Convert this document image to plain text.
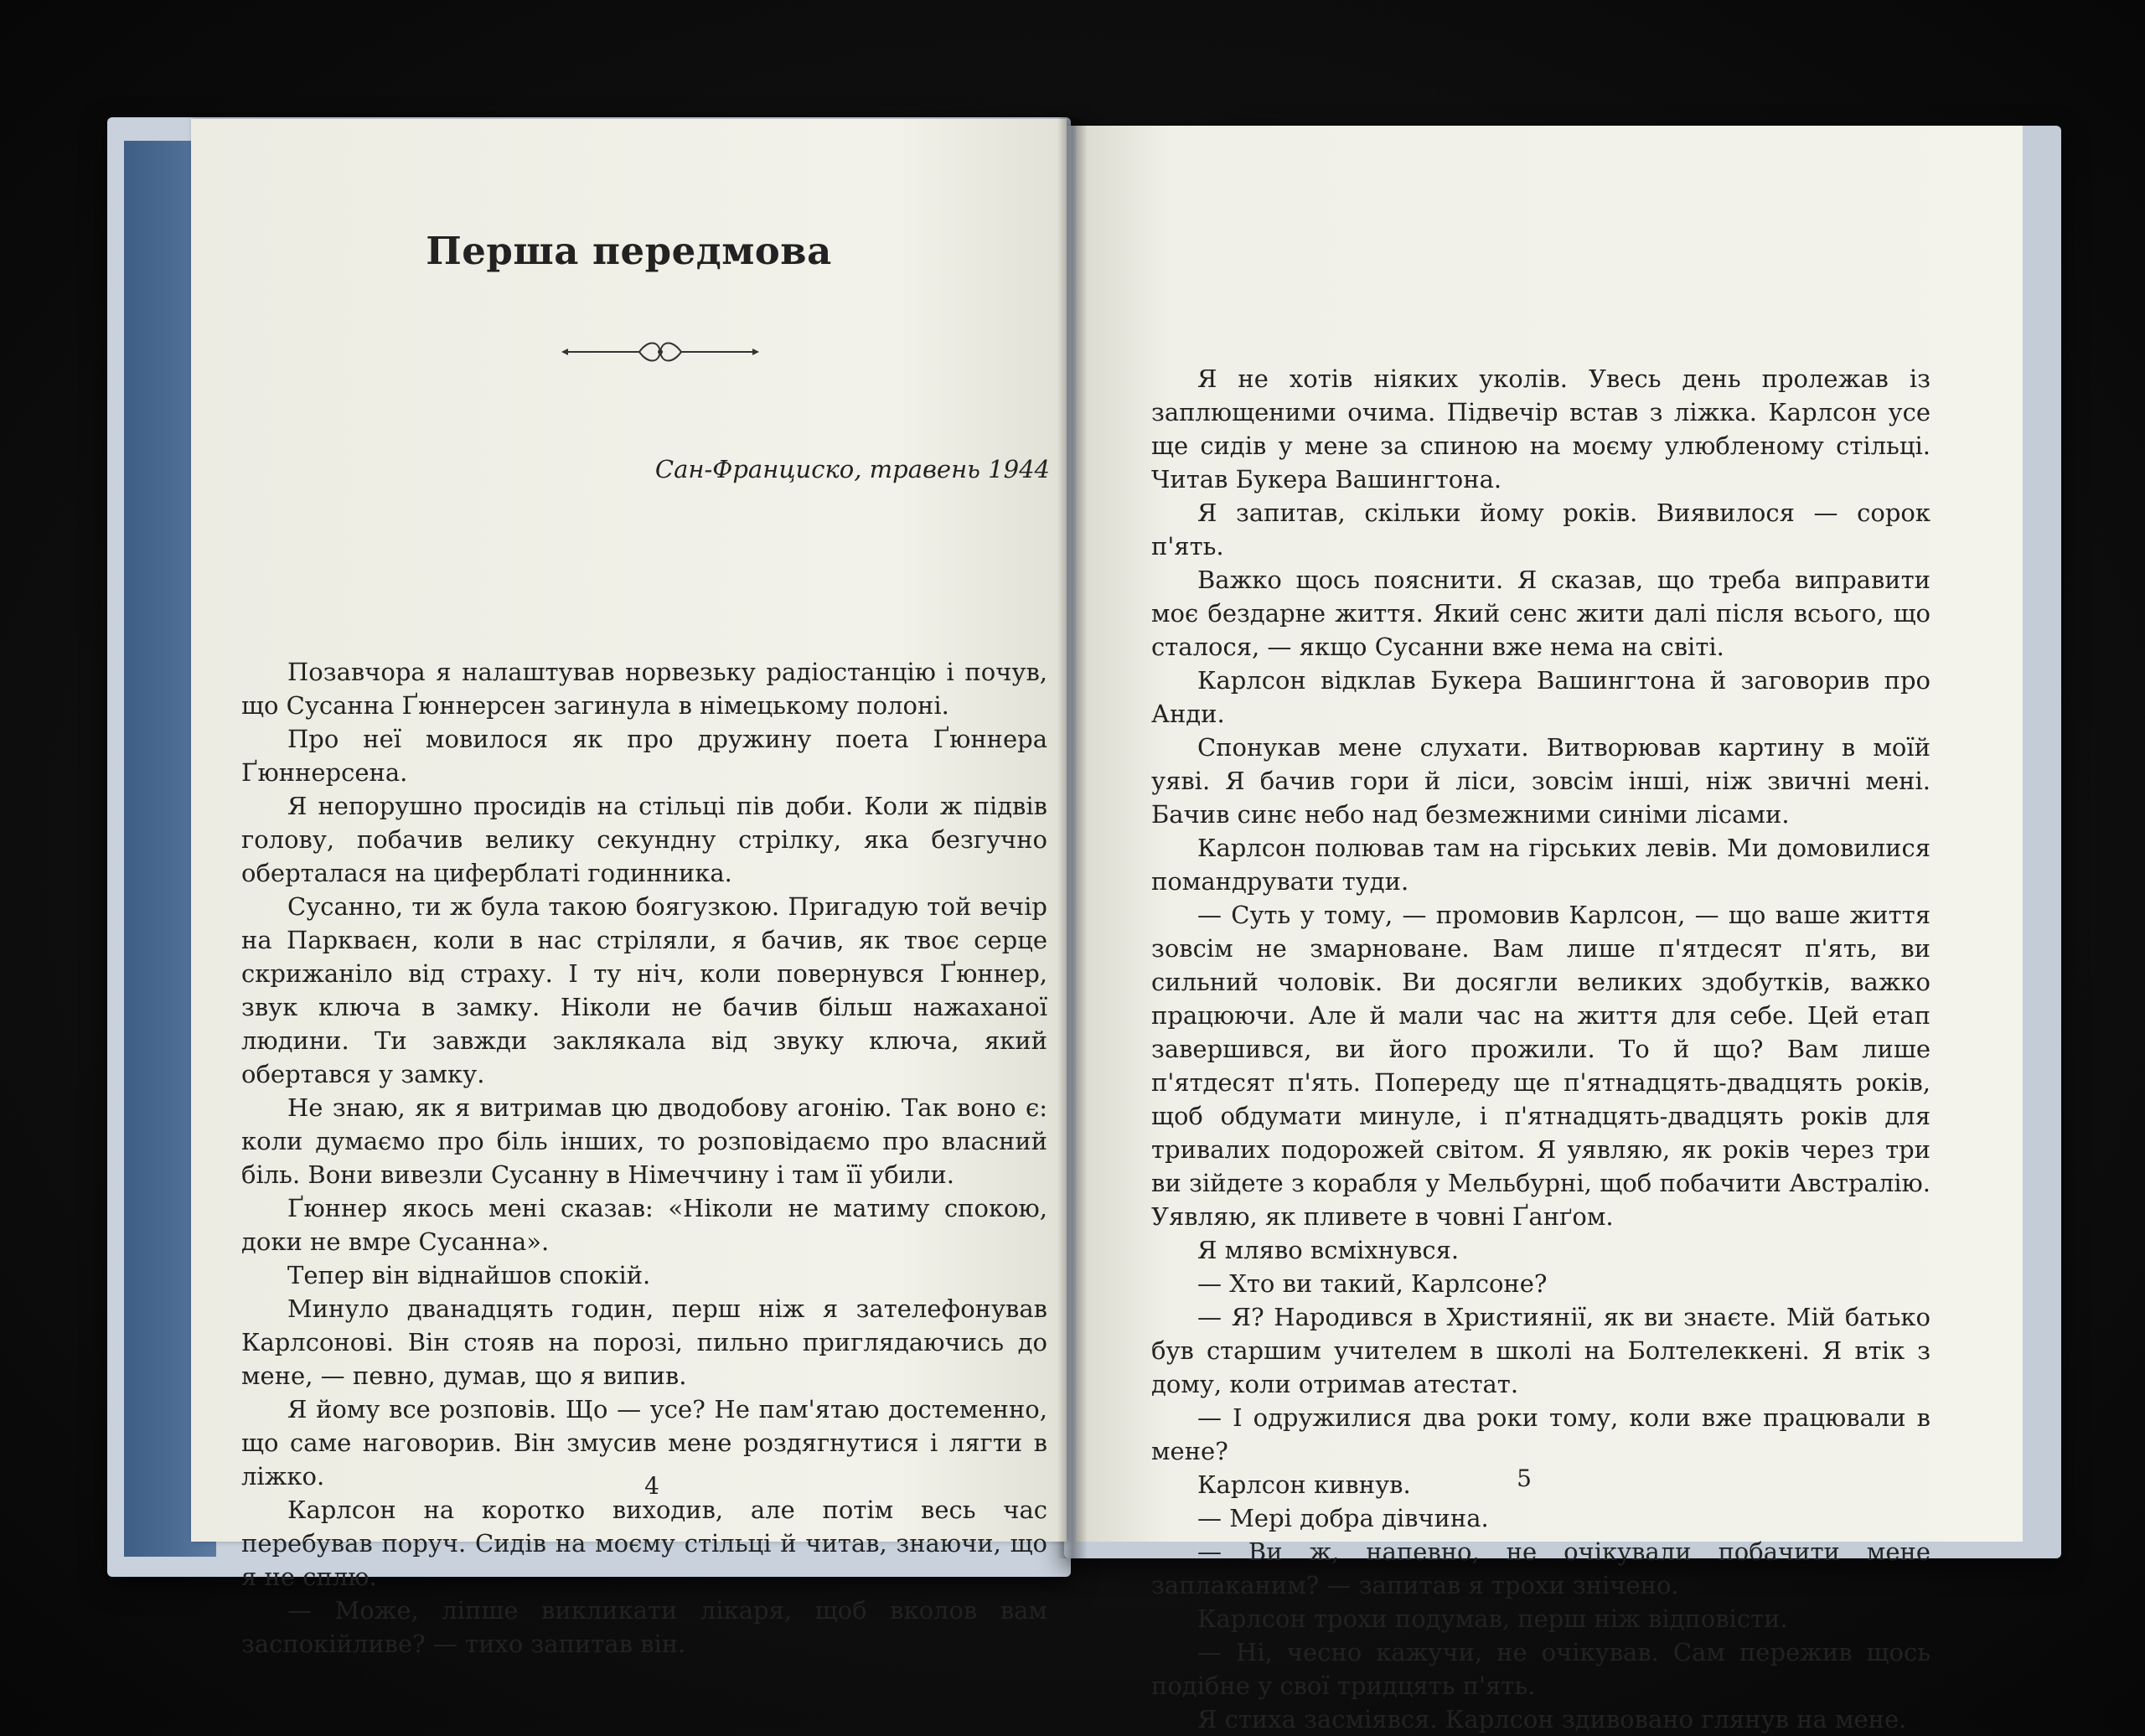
Перша передмова
Сан-Франциско, травень 1944

Позавчора я налаштував норвезьку радіостанцію і почув, що Сусанна Ґюннерсен загинула в німецькому полоні.

Про неї мовилося як про дружину поета Ґюннера Ґюннерсена.

Я непорушно просидів на стільці пів доби. Коли ж підвів голову, побачив велику секундну стрілку, яка безгучно оберталася на циферблаті годинника.

Сусанно, ти ж була такою боягузкою. Пригадую той вечір на Паркваєн, коли в нас стріляли, я бачив, як твоє серце скрижаніло від страху. І ту ніч, коли повернувся Ґюннер, звук ключа в замку. Ніколи не бачив більш нажаханої людини. Ти завжди заклякала від звуку ключа, який обертався у замку.

Не знаю, як я витримав цю дводобову агонію. Так воно є: коли думаємо про біль інших, то розповідаємо про власний біль. Вони вивезли Сусанну в Німеччину і там її убили.

Ґюннер якось мені сказав: «Ніколи не матиму спокою, доки не вмре Сусанна».

Тепер він віднайшов спокій.

Минуло дванадцять годин, перш ніж я зателефонував Карлсонові. Він стояв на порозі, пильно приглядаючись до мене, — певно, думав, що я випив.

Я йому все розповів. Що — усе? Не пам'ятаю достеменно, що саме наговорив. Він змусив мене роздягнутися і лягти в ліжко.

Карлсон на коротко виходив, але потім весь час перебував поруч. Сидів на моєму стільці й читав, знаючи, що я не сплю.

— Може, ліпше викликати лікаря, щоб вколов вам заспокійливе? — тихо запитав він.

4

Я не хотів ніяких уколів. Увесь день пролежав із заплющеними очима. Підвечір встав з ліжка. Карлсон усе ще сидів у мене за спиною на моєму улюбленому стільці. Читав Букера Вашингтона.

Я запитав, скільки йому років. Виявилося — сорок п'ять.

Важко щось пояснити. Я сказав, що треба виправити моє бездарне життя. Який сенс жити далі після всього, що сталося, — якщо Сусанни вже нема на світі.

Карлсон відклав Букера Вашингтона й заговорив про Анди.

Спонукав мене слухати. Витворював картину в моїй уяві. Я бачив гори й ліси, зовсім інші, ніж звичні мені. Бачив синє небо над безмежними синіми лісами.

Карлсон полював там на гірських левів. Ми домовилися помандрувати туди.

— Суть у тому, — промовив Карлсон, — що ваше життя зовсім не змарноване. Вам лише п'ятдесят п'ять, ви сильний чоловік. Ви досягли великих здобутків, важко працюючи. Але й мали час на життя для себе. Цей етап завершився, ви його прожили. То й що? Вам лише п'ятдесят п'ять. Попереду ще п'ятнадцять-двадцять років, щоб обдумати минуле, і п'ятнадцять-двадцять років для тривалих подорожей світом. Я уявляю, як років через три ви зійдете з корабля у Мельбурні, щоб побачити Австралію. Уявляю, як пливете в човні Ґанґом.

Я мляво всміхнувся.

— Хто ви такий, Карлсоне?

— Я? Народився в Християнії, як ви знаєте. Мій батько був старшим учителем в школі на Болтелеккені. Я втік з дому, коли отримав атестат.

— І одружилися два роки тому, коли вже працювали в мене?

Карлсон кивнув.

— Мері добра дівчина.

— Ви ж, напевно, не очікували побачити мене заплаканим? — запитав я трохи знічено.

Карлсон трохи подумав, перш ніж відповісти.

— Ні, чесно кажучи, не очікував. Сам пережив щось подібне у свої тридцять п'ять.

Я стиха засміявся. Карлсон здивовано глянув на мене.

5
